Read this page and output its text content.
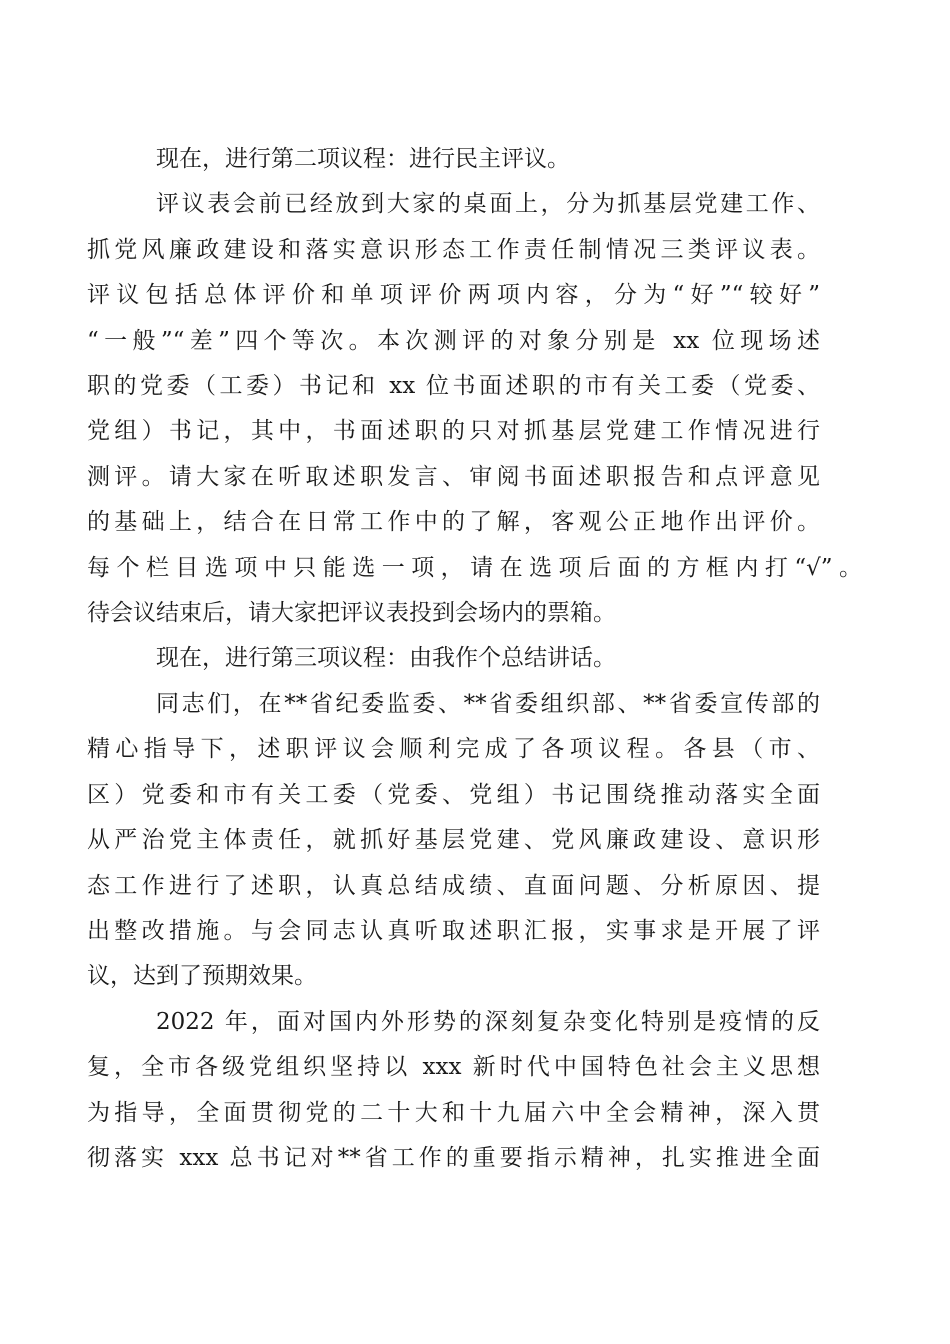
现在，进行第二项议程：进行民主评议。
评议表会前已经放到大家的桌面上，分为抓基层党建工作、
抓党风廉政建设和落实意识形态工作责任制情况三类评议表。
评议包括总体评价和单项评价两项内容，分为“好”“较好”
“一般”“差”四个等次。本次测评的对象分别是 xx 位现场述
职的党委（工委）书记和 xx 位书面述职的市有关工委（党委、
党组）书记，其中，书面述职的只对抓基层党建工作情况进行
测评。请大家在听取述职发言、审阅书面述职报告和点评意见
的基础上，结合在日常工作中的了解，客观公正地作出评价。
每个栏目选项中只能选一项，请在选项后面的方框内打“√”。
待会议结束后，请大家把评议表投到会场内的票箱。
现在，进行第三项议程：由我作个总结讲话。
同志们，在**省纪委监委、**省委组织部、**省委宣传部的
精心指导下，述职评议会顺利完成了各项议程。各县（市、
区）党委和市有关工委（党委、党组）书记围绕推动落实全面
从严治党主体责任，就抓好基层党建、党风廉政建设、意识形
态工作进行了述职，认真总结成绩、直面问题、分析原因、提
出整改措施。与会同志认真听取述职汇报，实事求是开展了评
议，达到了预期效果。
2022 年，面对国内外形势的深刻复杂变化特别是疫情的反
复，全市各级党组织坚持以 xxx 新时代中国特色社会主义思想
为指导，全面贯彻党的二十大和十九届六中全会精神，深入贯
彻落实 xxx 总书记对**省工作的重要指示精神，扎实推进全面
